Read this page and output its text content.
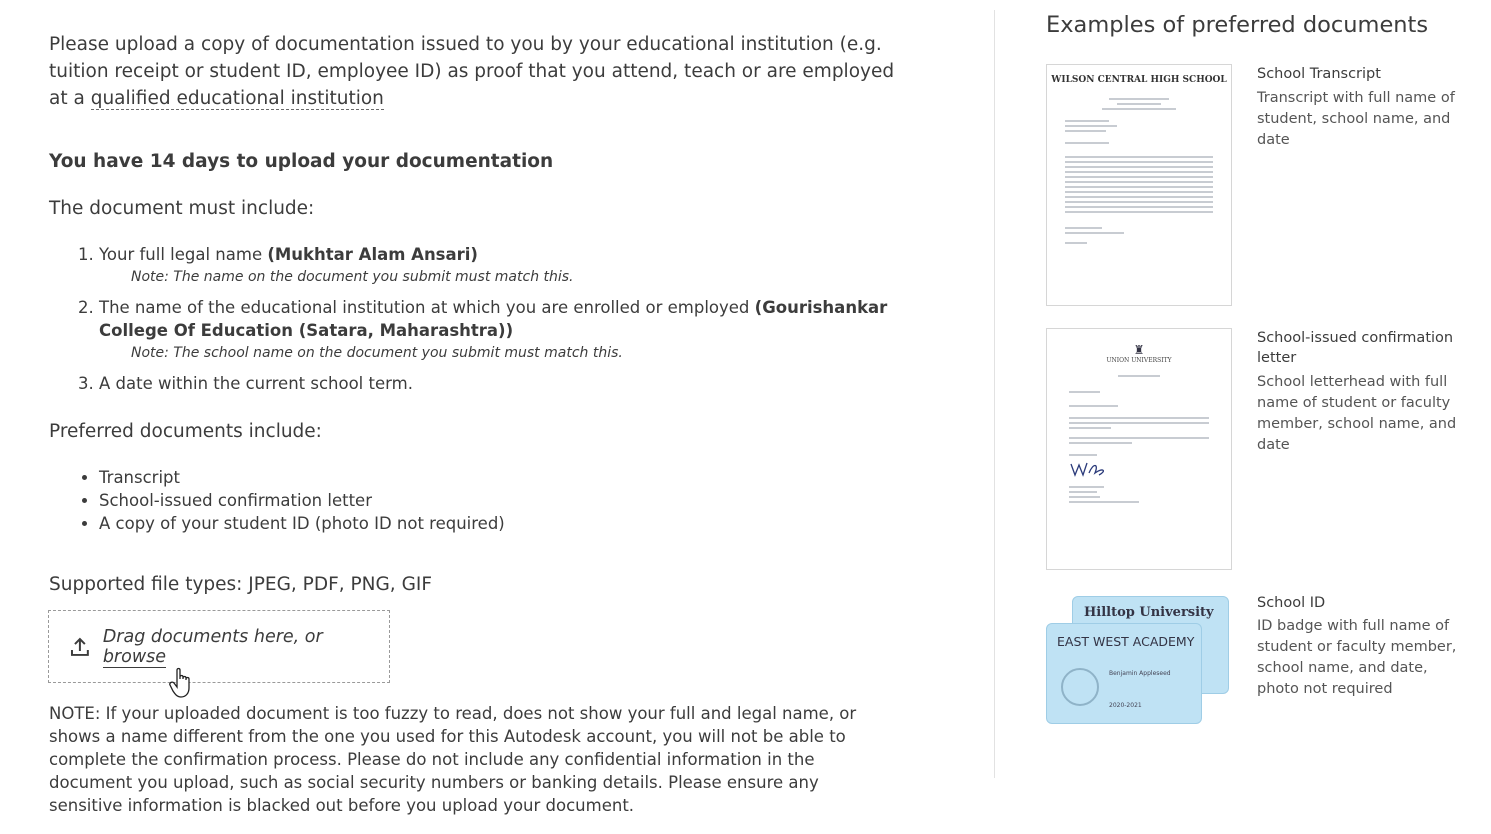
Please upload a copy of documentation issued to you by your educational institution (e.g. tuition receipt or student ID, employee ID) as proof that you attend, teach or are employed at a qualified educational institution
You have 14 days to upload your documentation
The document must include:
1. Your full legal name (Mukhtar Alam Ansari)
Note: The name on the document you submit must match this.
2. The name of the educational institution at which you are enrolled or employed (Gourishankar College Of Education (Satara, Maharashtra))
Note: The school name on the document you submit must match this.
3. A date within the current school term.
Preferred documents include:
• Transcript
• School-issued confirmation letter
• A copy of your student ID (photo ID not required)
Supported file types: JPEG, PDF, PNG, GIF
Drag documents here, or browse
NOTE: If your uploaded document is too fuzzy to read, does not show your full and legal name, or shows a name different from the one you used for this Autodesk account, you will not be able to complete the confirmation process. Please do not include any confidential information in the document you upload, such as social security numbers or banking details. Please ensure any sensitive information is blacked out before you upload your document.
Examples of preferred documents
WILSON CENTRAL HIGH SCHOOL School Transcript
Transcript with full name of student, school name, and date
♜
UNION UNIVERSITY
School-issued confirmation letter
School letterhead with full name of student or faculty member, school name, and date
Hilltop University
EAST WEST ACADEMY
Benjamin Appleseed
2020-2021
School ID
ID badge with full name of student or faculty member, school name, and date, photo not required
